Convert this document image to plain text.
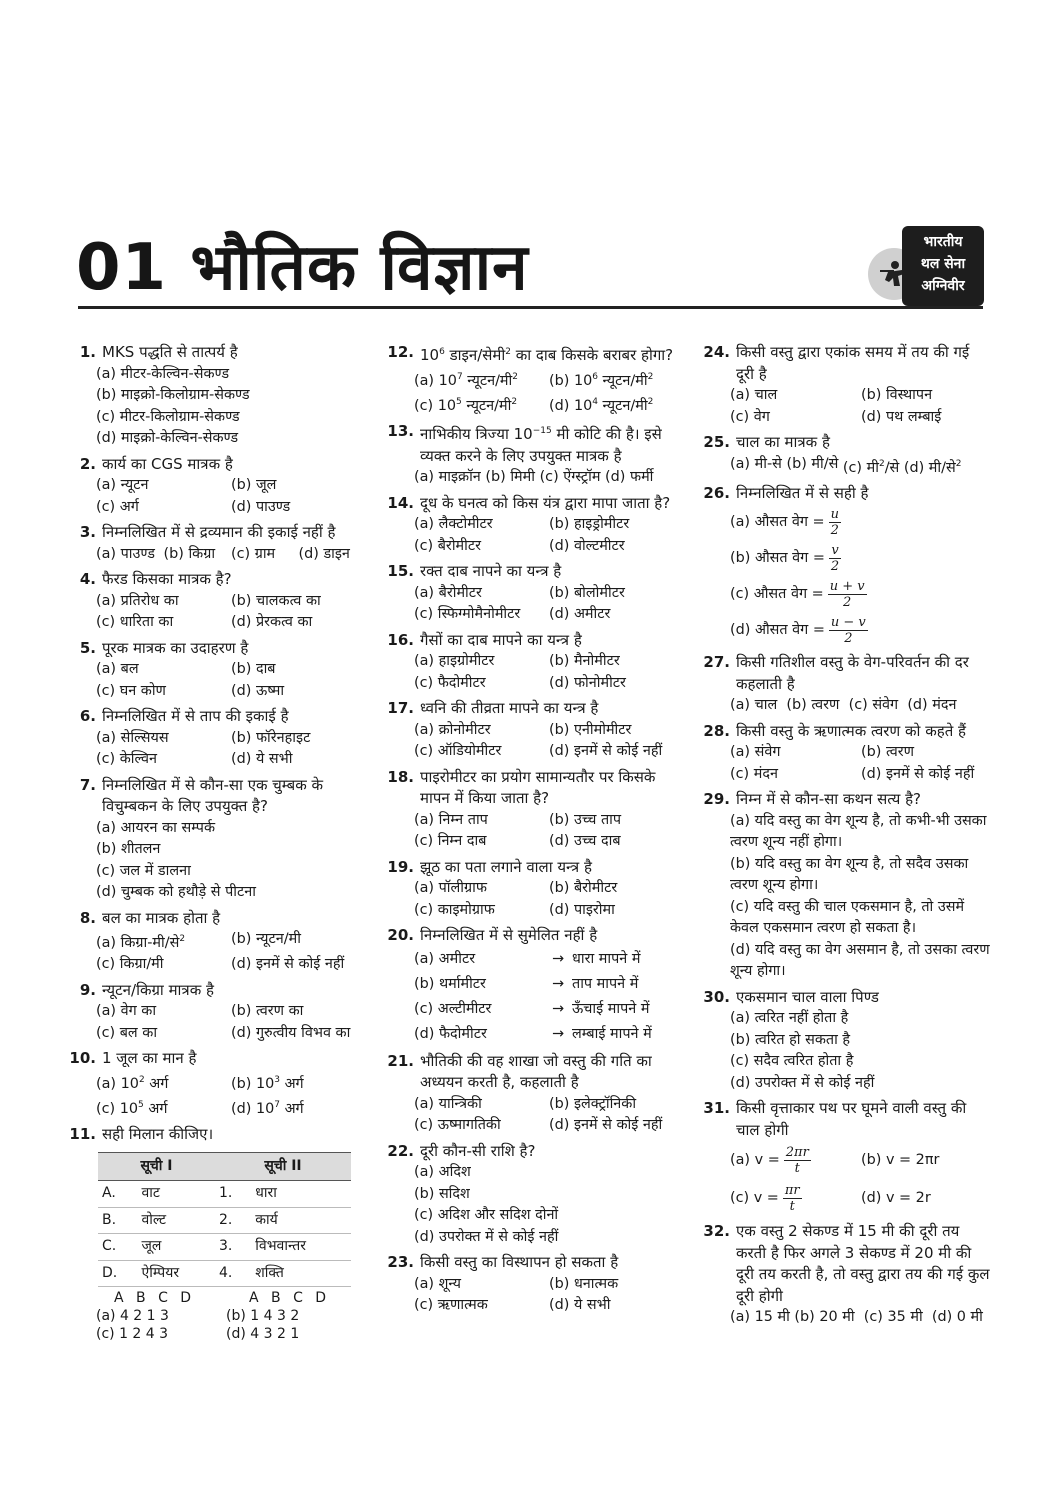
01 भौतिक विज्ञान	भारतीय
थल सेना
अग्निवीर
1. MKS पद्धति से तात्पर्य है
(a) मीटर-केल्विन-सेकण्ड
(b) माइक्रो-किलोग्राम-सेकण्ड
(c) मीटर-किलोग्राम-सेकण्ड
(d) माइक्रो-केल्विन-सेकण्ड
2. कार्य का CGS मात्रक है
(a) न्यूटन	(b) जूल
(c) अर्ग	(d) पाउण्ड
3. निम्नलिखित में से द्रव्यमान की इकाई नहीं है
(a) पाउण्ड (b) किग्रा	(c) ग्राम	(d) डाइन
4. फैरड किसका मात्रक है?
(a) प्रतिरोध का	(b) चालकत्व का
(c) धारिता का	(d) प्रेरकत्व का
5. पूरक मात्रक का उदाहरण है
(a) बल	(b) दाब
(c) घन कोण	(d) ऊष्मा
6. निम्नलिखित में से ताप की इकाई है
(a) सेल्सियस	(b) फॉरेनहाइट
(c) केल्विन	(d) ये सभी
7. निम्नलिखित में से कौन-सा एक चुम्बक के विचुम्बकन के लिए उपयुक्त है?
(a) आयरन का सम्पर्क
(b) शीतलन
(c) जल में डालना
(d) चुम्बक को हथौड़े से पीटना
8. बल का मात्रक होता है
(a) किग्रा-मी/से$^2$	(b) न्यूटन/मी
(c) किग्रा/मी	(d) इनमें से कोई नहीं
9. न्यूटन/किग्रा मात्रक है
(a) वेग का	(b) त्वरण का
(c) बल का	(d) गुरुत्वीय विभव का
10. 1 जूल का मान है
(a) $10^2$ अर्ग	(b) $10^3$ अर्ग
(c) $10^5$ अर्ग	(d) $10^7$ अर्ग
11. सही मिलान कीजिए।
सूची I		सूची II	
A.	वाट	1.	धारा
B.	वोल्ट	2.	कार्य
C.	जूल	3.	विभवान्तर
D.	ऐम्पियर	4.	शक्ति
A B C D	A B C D
(a) 4 2 1 3	(b) 1 4 3 2
(c) 1 2 4 3	(d) 4 3 2 1
12. $10^6$ डाइन/सेमी$^2$ का दाब किसके बराबर होगा?
(a) $10^7$ न्यूटन/मी$^2$	(b) $10^6$ न्यूटन/मी$^2$
(c) $10^5$ न्यूटन/मी$^2$	(d) $10^4$ न्यूटन/मी$^2$
13. नाभिकीय त्रिज्या $10^{-15}$ मी कोटि की है। इसे व्यक्त करने के लिए उपयुक्त मात्रक है
(a) माइक्रॉन
(b) मिमी
(c) ऐंग्स्ट्रॉम
(d) फर्मी
14. दूध के घनत्व को किस यंत्र द्वारा मापा जाता है?
(a) लैक्टोमीटर	(b) हाइड्रोमीटर
(c) बैरोमीटर	(d) वोल्टमीटर
15. रक्त दाब नापने का यन्त्र है
(a) बैरोमीटर	(b) बोलोमीटर
(c) स्फिग्मोमैनोमीटर	(d) अमीटर
16. गैसों का दाब मापने का यन्त्र है
(a) हाइग्रोमीटर	(b) मैनोमीटर
(c) फैदोमीटर	(d) फोनोमीटर
17. ध्वनि की तीव्रता मापने का यन्त्र है
(a) क्रोनोमीटर	(b) एनीमोमीटर
(c) ऑडियोमीटर	(d) इनमें से कोई नहीं
18. पाइरोमीटर का प्रयोग सामान्यतौर पर किसके मापन में किया जाता है?
(a) निम्न ताप	(b) उच्च ताप
(c) निम्न दाब	(d) उच्च दाब
19. झूठ का पता लगाने वाला यन्त्र है
(a) पॉलीग्राफ	(b) बैरोमीटर
(c) काइमोग्राफ	(d) पाइरोमा
20. निम्नलिखित में से सुमेलित नहीं है
(a) अमीटर	→ धारा मापने में
(b) थर्मामीटर	→ ताप मापने में
(c) अल्टीमीटर	→ ऊँचाई मापने में
(d) फैदोमीटर	→ लम्बाई मापने में
21. भौतिकी की वह शाखा जो वस्तु की गति का अध्ययन करती है, कहलाती है
(a) यान्त्रिकी	(b) इलेक्ट्रॉनिकी
(c) ऊष्मागतिकी	(d) इनमें से कोई नहीं
22. दूरी कौन-सी राशि है?
(a) अदिश
(b) सदिश
(c) अदिश और सदिश दोनों
(d) उपरोक्त में से कोई नहीं
23. किसी वस्तु का विस्थापन हो सकता है
(a) शून्य	(b) धनात्मक
(c) ऋणात्मक	(d) ये सभी
24. किसी वस्तु द्वारा एकांक समय में तय की गई दूरी है
(a) चाल	(b) विस्थापन
(c) वेग	(d) पथ लम्बाई
25. चाल का मात्रक है
(a) मी-से
(b) मी/से
(c) मी$^2$/से
(d) मी/से$^2$
26. निम्नलिखित में से सही है
(a) औसत वेग = $\frac{u}{2}$
(b) औसत वेग = $\frac{v}{2}$
(c) औसत वेग = $\frac{u + v}{2}$
(d) औसत वेग = $\frac{u - v}{2}$
27. किसी गतिशील वस्तु के वेग-परिवर्तन की दर कहलाती है
(a) चाल
(b) त्वरण
(c) संवेग
(d) मंदन
28. किसी वस्तु के ऋणात्मक त्वरण को कहते हैं
(a) संवेग	(b) त्वरण
(c) मंदन	(d) इनमें से कोई नहीं
29. निम्न में से कौन-सा कथन सत्य है?
(a) यदि वस्तु का वेग शून्य है, तो कभी-भी उसका त्वरण शून्य नहीं होगा।
(b) यदि वस्तु का वेग शून्य है, तो सदैव उसका त्वरण शून्य होगा।
(c) यदि वस्तु की चाल एकसमान है, तो उसमें केवल एकसमान त्वरण हो सकता है।
(d) यदि वस्तु का वेग असमान है, तो उसका त्वरण शून्य होगा।
30. एकसमान चाल वाला पिण्ड
(a) त्वरित नहीं होता है
(b) त्वरित हो सकता है
(c) सदैव त्वरित होता है
(d) उपरोक्त में से कोई नहीं
31. किसी वृत्ताकार पथ पर घूमने वाली वस्तु की चाल होगी
(a) $v = \frac{2\pi r}{t}$	(b) v = 2πr
(c) $v = \frac{\pi r}{t}$	(d) v = 2r
32. एक वस्तु 2 सेकण्ड में 15 मी की दूरी तय करती है फिर अगले 3 सेकण्ड में 20 मी की दूरी तय करती है, तो वस्तु द्वारा तय की गई कुल दूरी होगी
(a) 15 मी
(b) 20 मी
(c) 35 मी
(d) 0 मी
